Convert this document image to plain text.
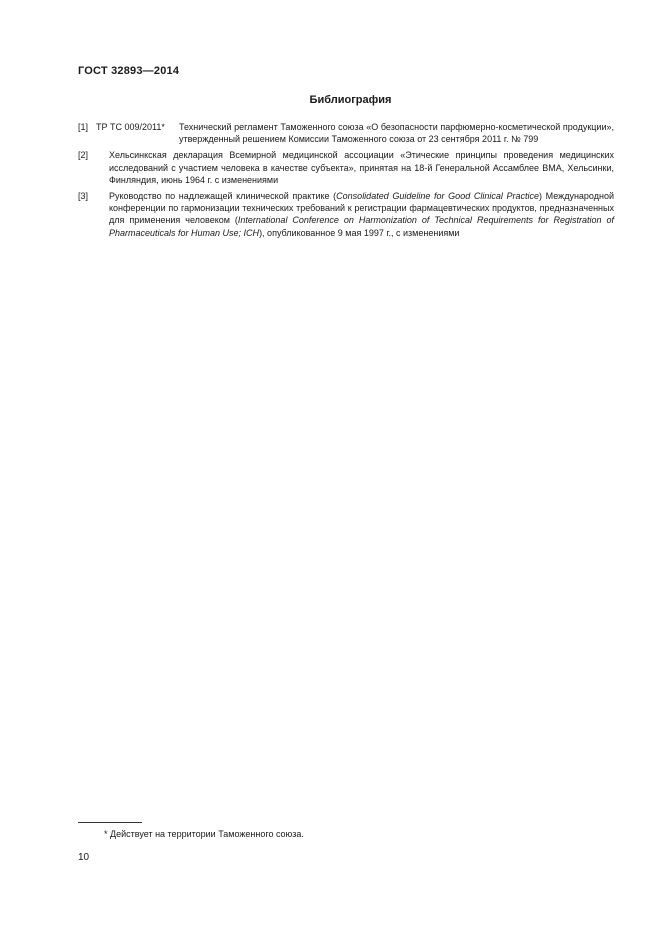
ГОСТ 32893—2014
Библиография
[1] ТР ТС 009/2011* Технический регламент Таможенного союза «О безопасности парфюмерно-косметической продукции», утвержденный решением Комиссии Таможенного союза от 23 сентября 2011 г. № 799
[2] Хельсинкская декларация Всемирной медицинской ассоциации «Этические принципы проведения медицинских исследований с участием человека в качестве субъекта», принятая на 18-й Генеральной Ассамблее ВМА, Хельсинки, Финляндия, июнь 1964 г. с изменениями
[3] Руководство по надлежащей клинической практике (Consolidated Guideline for Good Clinical Practice) Международной конференции по гармонизации технических требований к регистрации фармацевтических продуктов, предназначенных для применения человеком (International Conference on Harmonization of Technical Requirements for Registration of Pharmaceuticals for Human Use; ICH), опубликованное 9 мая 1997 г., с изменениями
* Действует на территории Таможенного союза.
10
